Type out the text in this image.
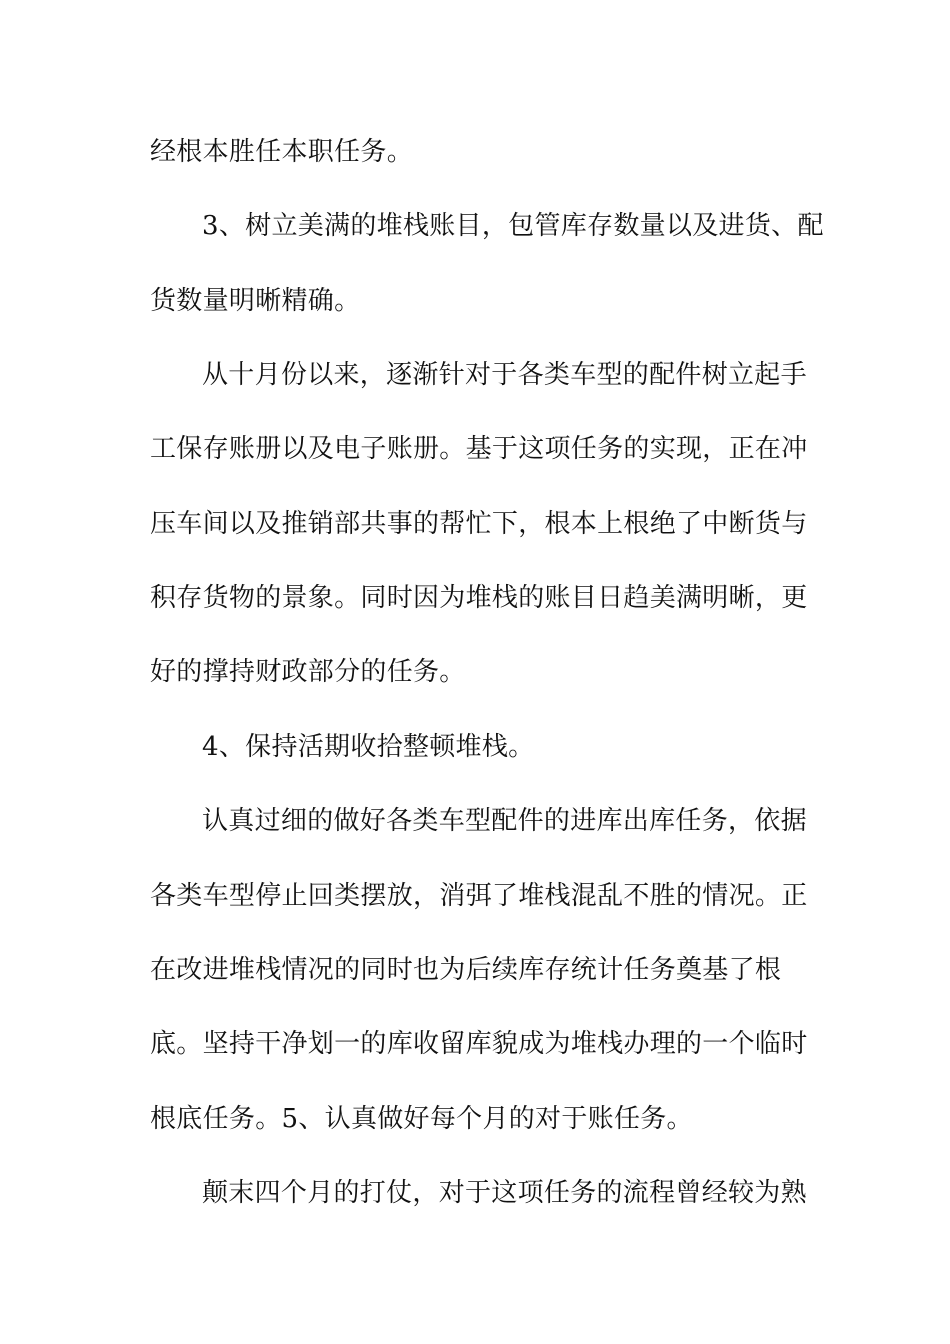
经根本胜任本职任务。
3、树立美满的堆栈账目，包管库存数量以及进货、配
货数量明晰精确。
从十月份以来，逐渐针对于各类车型的配件树立起手
工保存账册以及电子账册。基于这项任务的实现，正在冲
压车间以及推销部共事的帮忙下，根本上根绝了中断货与
积存货物的景象。同时因为堆栈的账目日趋美满明晰，更
好的撑持财政部分的任务。
4、保持活期收拾整顿堆栈。
认真过细的做好各类车型配件的进库出库任务，依据
各类车型停止回类摆放，消弭了堆栈混乱不胜的情况。正
在改进堆栈情况的同时也为后续库存统计任务奠基了根
底。坚持干净划一的库收留库貌成为堆栈办理的一个临时
根底任务。5、认真做好每个月的对于账任务。
颠末四个月的打仗，对于这项任务的流程曾经较为熟
